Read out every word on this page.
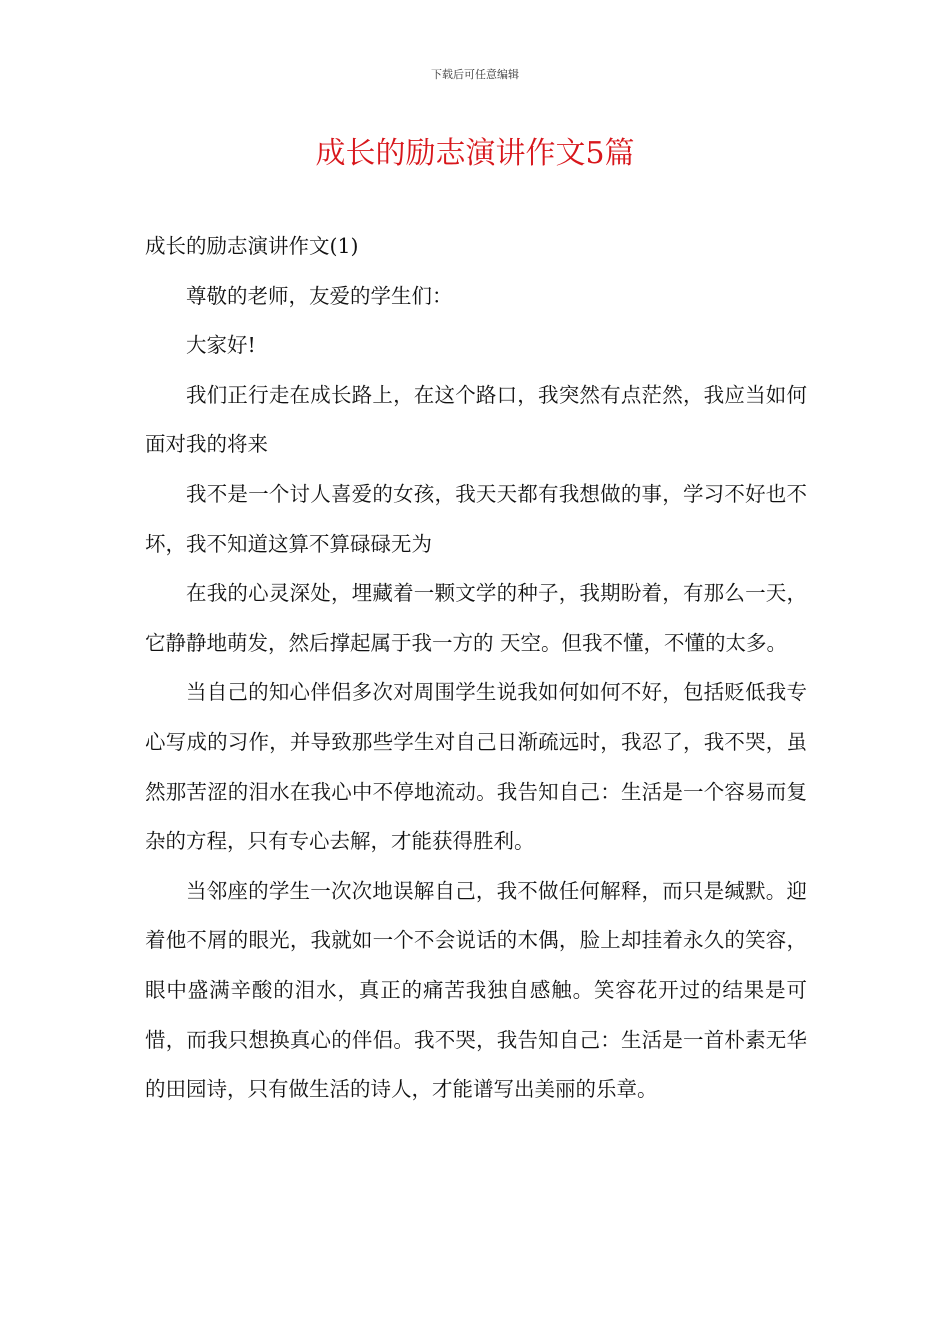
下载后可任意编辑
成长的励志演讲作文5篇

成长的励志演讲作文(1)

尊敬的老师，友爱的学生们：

大家好!

我们正行走在成长路上，在这个路口，我突然有点茫然，我应当如何面对我的将来

我不是一个讨人喜爱的女孩，我天天都有我想做的事，学习不好也不坏，我不知道这算不算碌碌无为

在我的心灵深处，埋藏着一颗文学的种子，我期盼着，有那么一天，它静静地萌发，然后撑起属于我一方的 天空。但我不懂，不懂的太多。

当自己的知心伴侣多次对周围学生说我如何如何不好，包括贬低我专心写成的习作，并导致那些学生对自己日渐疏远时，我忍了，我不哭，虽然那苦涩的泪水在我心中不停地流动。我告知自己：生活是一个容易而复杂的方程，只有专心去解，才能获得胜利。

当邻座的学生一次次地误解自己，我不做任何解释，而只是缄默。迎着他不屑的眼光，我就如一个不会说话的木偶，脸上却挂着永久的笑容，眼中盛满辛酸的泪水，真正的痛苦我独自感触。笑容花开过的结果是可惜，而我只想换真心的伴侣。我不哭，我告知自己：生活是一首朴素无华的田园诗，只有做生活的诗人，才能谱写出美丽的乐章。
